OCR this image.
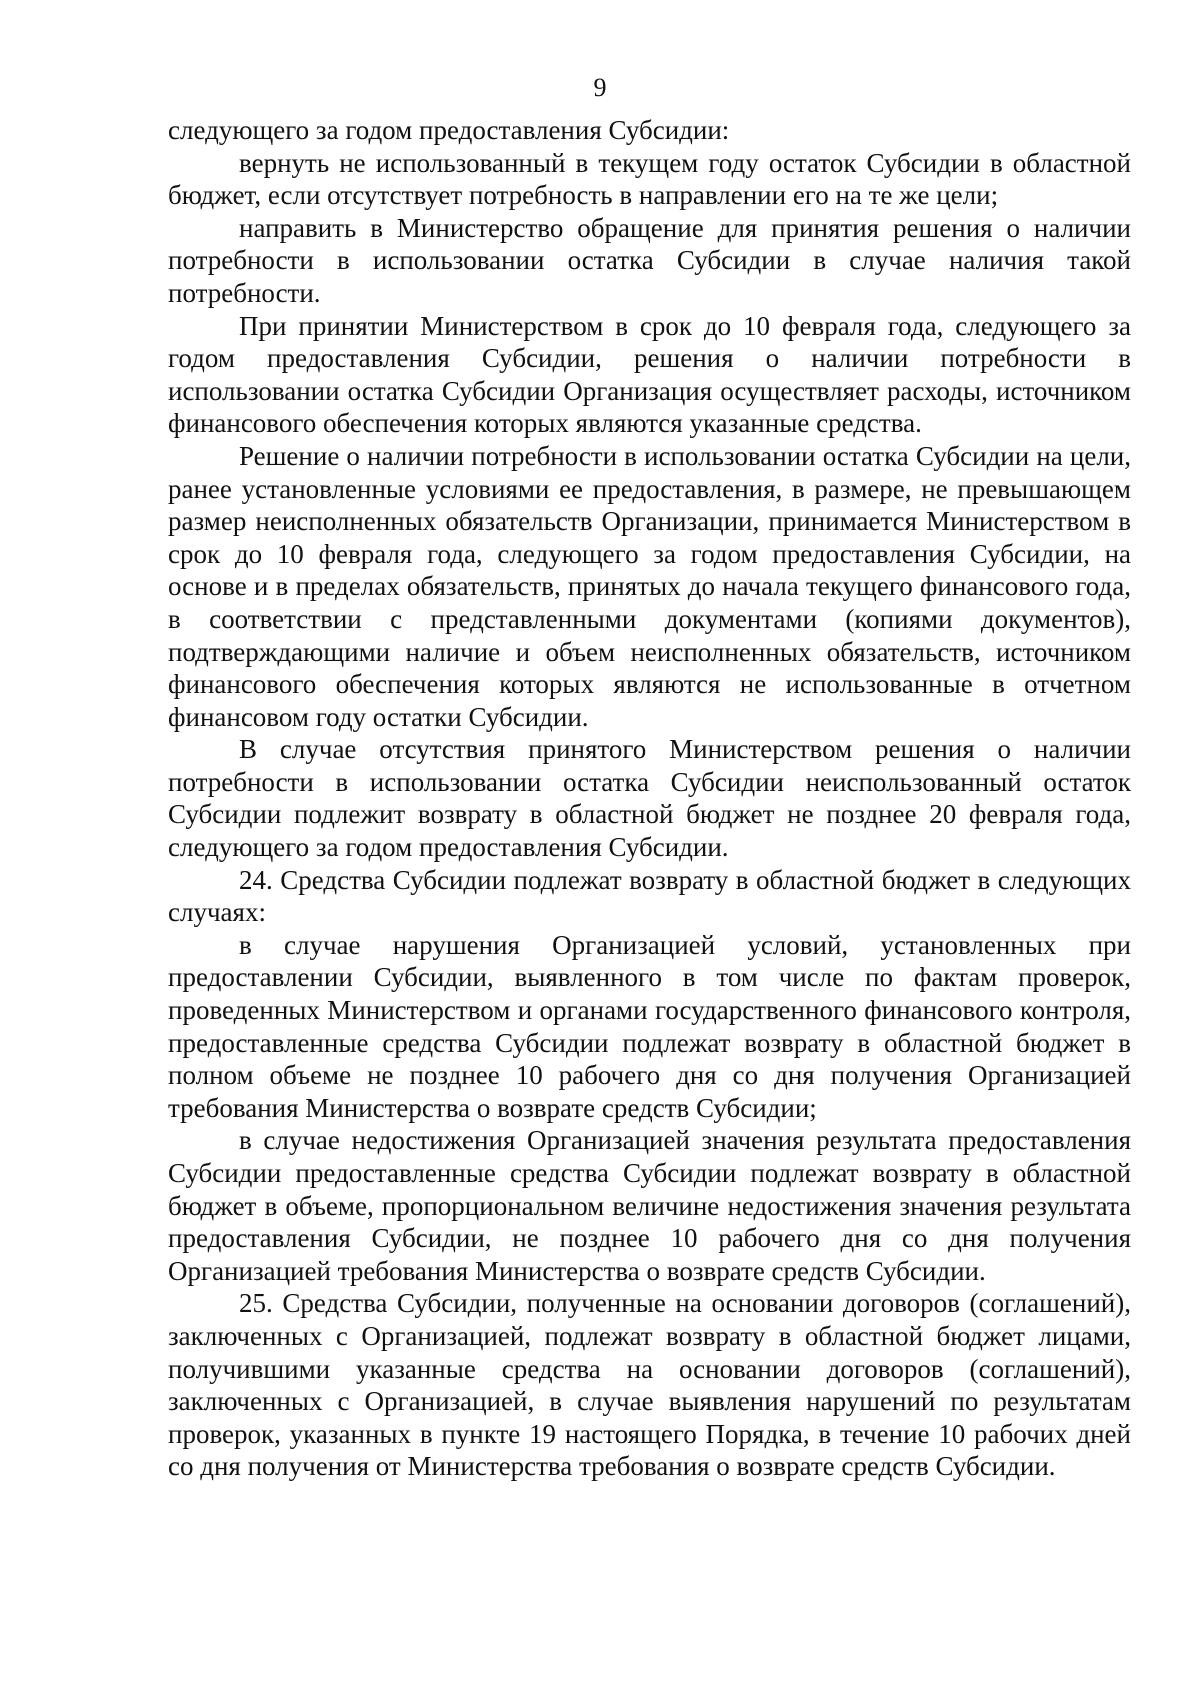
9

следующего за годом предоставления Субсидии:

вернуть не использованный в текущем году остаток Субсидии в областной бюджет, если отсутствует потребность в направлении его на те же цели;

направить в Министерство обращение для принятия решения о наличии потребности в использовании остатка Субсидии в случае наличия такой потребности.

При принятии Министерством в срок до 10 февраля года, следующего за годом предоставления Субсидии, решения о наличии потребности в использовании остатка Субсидии Организация осуществляет расходы, источником финансового обеспечения которых являются указанные средства.

Решение о наличии потребности в использовании остатка Субсидии на цели, ранее установленные условиями ее предоставления, в размере, не превышающем размер неисполненных обязательств Организации, принимается Министерством в срок до 10 февраля года, следующего за годом предоставления Субсидии, на основе и в пределах обязательств, принятых до начала текущего финансового года, в соответствии с представленными документами (копиями документов), подтверждающими наличие и объем неисполненных обязательств, источником финансового обеспечения которых являются не использованные в отчетном финансовом году остатки Субсидии.

В случае отсутствия принятого Министерством решения о наличии потребности в использовании остатка Субсидии неиспользованный остаток Субсидии подлежит возврату в областной бюджет не позднее 20 февраля года, следующего за годом предоставления Субсидии.

24. Средства Субсидии подлежат возврату в областной бюджет в следующих случаях:

в случае нарушения Организацией условий, установленных при предоставлении Субсидии, выявленного в том числе по фактам проверок, проведенных Министерством и органами государственного финансового контроля, предоставленные средства Субсидии подлежат возврату в областной бюджет в полном объеме не позднее 10 рабочего дня со дня получения Организацией требования Министерства о возврате средств Субсидии;

в случае недостижения Организацией значения результата предоставления Субсидии предоставленные средства Субсидии подлежат возврату в областной бюджет в объеме, пропорциональном величине недостижения значения результата предоставления Субсидии, не позднее 10 рабочего дня со дня получения Организацией требования Министерства о возврате средств Субсидии.

25. Средства Субсидии, полученные на основании договоров (соглашений), заключенных с Организацией, подлежат возврату в областной бюджет лицами, получившими указанные средства на основании договоров (соглашений), заключенных с Организацией, в случае выявления нарушений по результатам проверок, указанных в пункте 19 настоящего Порядка, в течение 10 рабочих дней со дня получения от Министерства требования о возврате средств Субсидии.
